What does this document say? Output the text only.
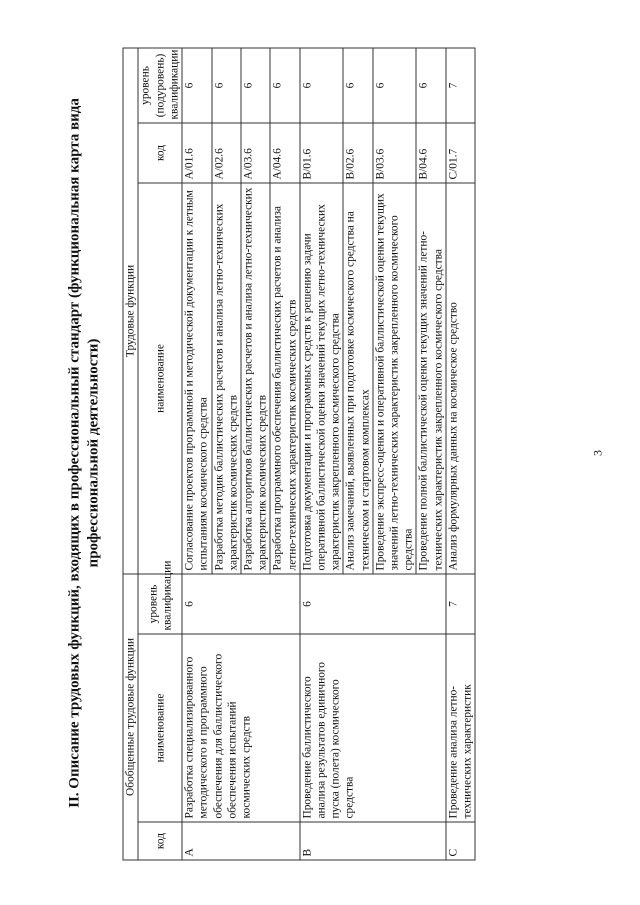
3
II. Описание трудовых функций, входящих в профессиональный стандарт (функциональная карта вида профессиональной деятельности)
Обобщенные трудовые функции			Трудовые функции		
код	наименование	уровень квалификации	наименование	код	уровень (подуровень) квалификации
A	Разработка специализированного методического и программного обеспечения для баллистического обеспечения испытаний космических средств	6	Согласование проектов программной и методической документации к летным испытаниям космического средства	A/01.6	6
			Разработка методик баллистических расчетов и анализа летно-технических характеристик космических средств	A/02.6	6
			Разработка алгоритмов баллистических расчетов и анализа летно-технических характеристик космических средств	A/03.6	6
			Разработка программного обеспечения баллистических расчетов и анализа летно-технических характеристик космических средств	A/04.6	6
B	Проведение баллистического анализа результатов единичного пуска (полета) космического средства	6	Подготовка документации и программных средств к решению задачи оперативной баллистической оценки значений текущих летно-технических характеристик закрепленного космического средства	B/01.6	6
			Анализ замечаний, выявленных при подготовке космического средства на техническом и стартовом комплексах	B/02.6	6
			Проведение экспресс-оценки и оперативной баллистической оценки текущих значений летно-технических характеристик закрепленного космического средства	B/03.6	6
			Проведение полной баллистической оценки текущих значений летно-технических характеристик закрепленного космического средства	B/04.6	6
C	Проведение анализа летно-технических характеристик	7	Анализ формулярных данных на космическое средство	C/01.7	7
